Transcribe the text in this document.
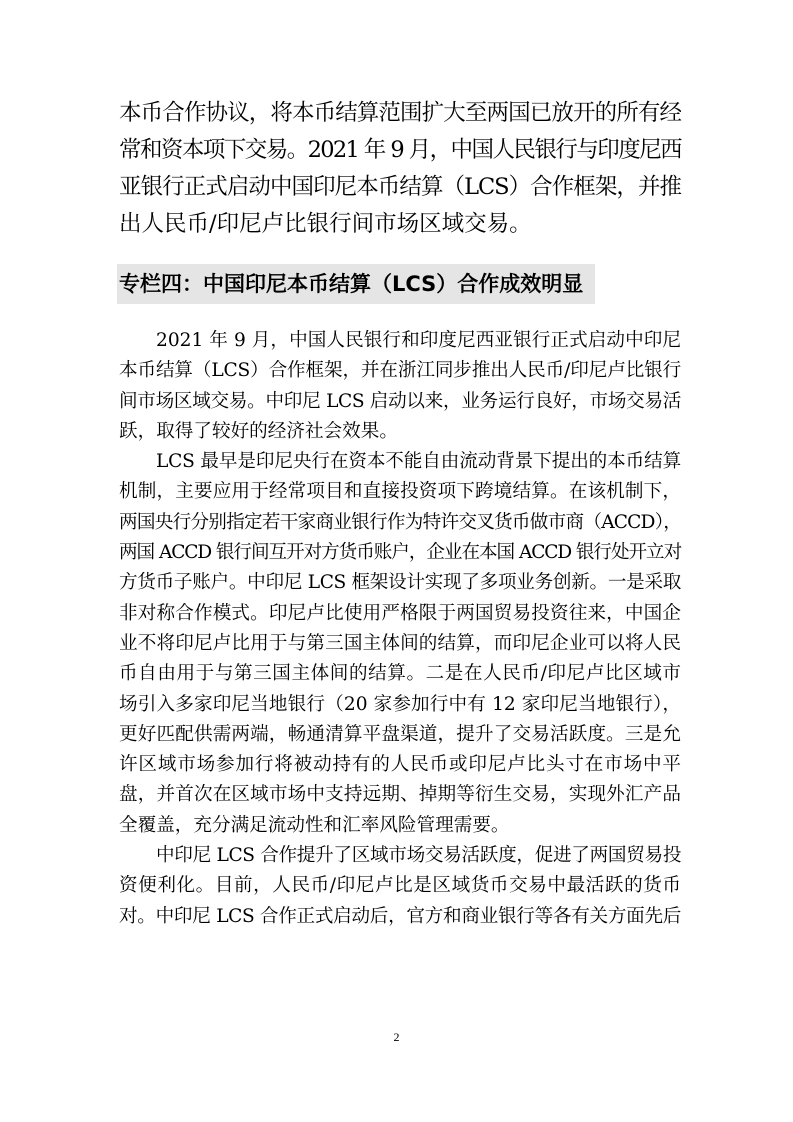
本币合作协议，将本币结算范围扩大至两国已放开的所有经
常和资本项下交易。2021 年 9 月，中国人民银行与印度尼西
亚银行正式启动中国印尼本币结算（LCS）合作框架，并推
出人民币/印尼卢比银行间市场区域交易。
专栏四：中国印尼本币结算（LCS）合作成效明显
2021 年 9 月，中国人民银行和印度尼西亚银行正式启动中印尼
本币结算（LCS）合作框架，并在浙江同步推出人民币/印尼卢比银行
间市场区域交易。中印尼 LCS 启动以来，业务运行良好，市场交易活
跃，取得了较好的经济社会效果。
LCS 最早是印尼央行在资本不能自由流动背景下提出的本币结算
机制，主要应用于经常项目和直接投资项下跨境结算。在该机制下，
两国央行分别指定若干家商业银行作为特许交叉货币做市商（ACCD），
两国 ACCD 银行间互开对方货币账户，企业在本国 ACCD 银行处开立对
方货币子账户。中印尼 LCS 框架设计实现了多项业务创新。一是采取
非对称合作模式。印尼卢比使用严格限于两国贸易投资往来，中国企
业不将印尼卢比用于与第三国主体间的结算，而印尼企业可以将人民
币自由用于与第三国主体间的结算。二是在人民币/印尼卢比区域市
场引入多家印尼当地银行（20 家参加行中有 12 家印尼当地银行），
更好匹配供需两端，畅通清算平盘渠道，提升了交易活跃度。三是允
许区域市场参加行将被动持有的人民币或印尼卢比头寸在市场中平
盘，并首次在区域市场中支持远期、掉期等衍生交易，实现外汇产品
全覆盖，充分满足流动性和汇率风险管理需要。
中印尼 LCS 合作提升了区域市场交易活跃度，促进了两国贸易投
资便利化。目前，人民币/印尼卢比是区域货币交易中最活跃的货币
对。中印尼 LCS 合作正式启动后，官方和商业银行等各有关方面先后
2
